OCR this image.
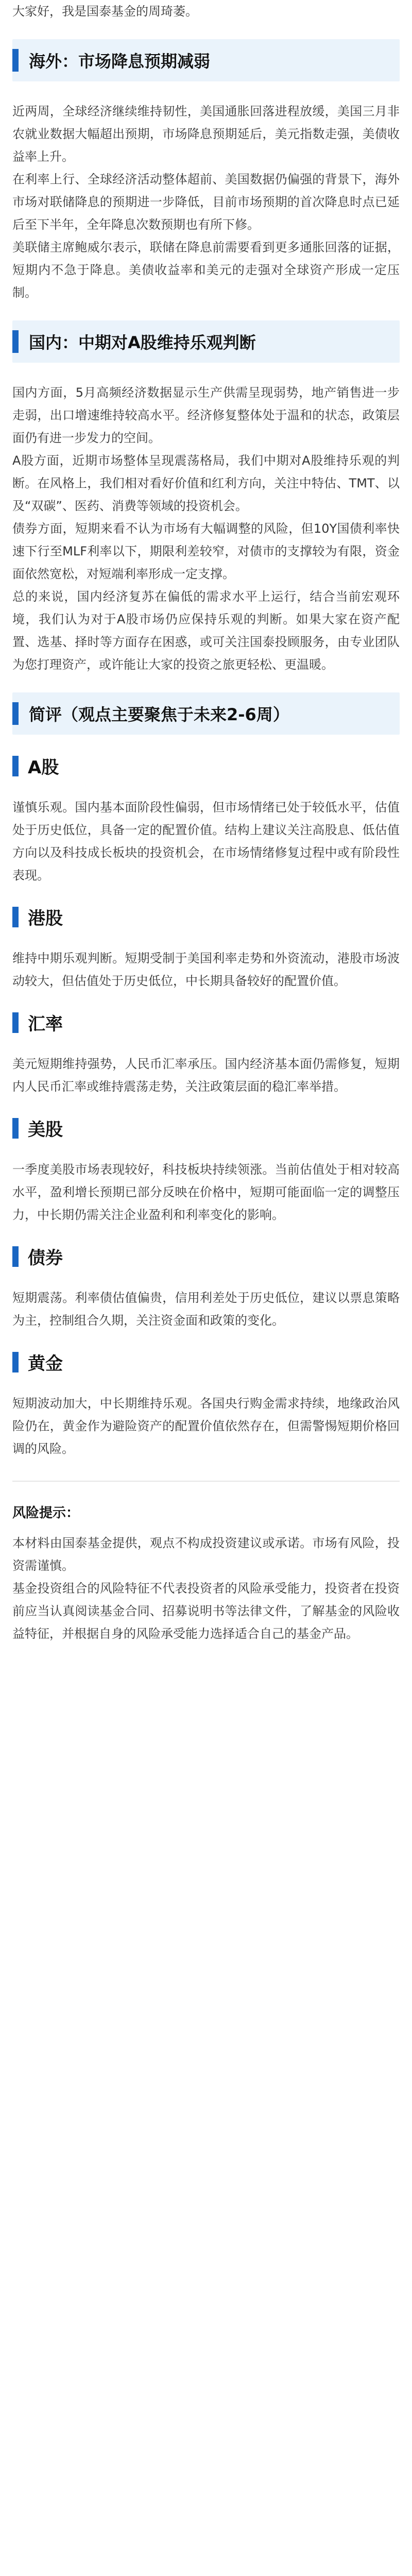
大家好，我是国泰基金的周琦萎。

海外：市场降息预期减弱

近两周，全球经济继续维持韧性，美国通胀回落进程放缓，美国三月非农就业数据大幅超出预期，市场降息预期延后，美元指数走强，美债收益率上升。

在利率上行、全球经济活动整体超前、美国数据仍偏强的背景下，海外市场对联储降息的预期进一步降低，目前市场预期的首次降息时点已延后至下半年，全年降息次数预期也有所下修。

美联储主席鲍威尔表示，联储在降息前需要看到更多通胀回落的证据，短期内不急于降息。美债收益率和美元的走强对全球资产形成一定压制。

国内：中期对A股维持乐观判断

国内方面，5月高频经济数据显示生产供需呈现弱势，地产销售进一步走弱，出口增速维持较高水平。经济修复整体处于温和的状态，政策层面仍有进一步发力的空间。

A股方面，近期市场整体呈现震荡格局，我们中期对A股维持乐观的判断。在风格上，我们相对看好价值和红利方向，关注中特估、TMT、以及“双碳”、医药、消费等领域的投资机会。

债券方面，短期来看不认为市场有大幅调整的风险，但10Y国债利率快速下行至MLF利率以下，期限利差较窄，对债市的支撑较为有限，资金面依然宽松，对短端利率形成一定支撑。

总的来说，国内经济复苏在偏低的需求水平上运行，结合当前宏观环境，我们认为对于A股市场仍应保持乐观的判断。如果大家在资产配置、选基、择时等方面存在困惑，或可关注国泰投顾服务，由专业团队为您打理资产，或许能让大家的投资之旅更轻松、更温暖。

简评（观点主要聚焦于未来2-6周）
A股

谨慎乐观。国内基本面阶段性偏弱，但市场情绪已处于较低水平，估值处于历史低位，具备一定的配置价值。结构上建议关注高股息、低估值方向以及科技成长板块的投资机会，在市场情绪修复过程中或有阶段性表现。

港股

维持中期乐观判断。短期受制于美国利率走势和外资流动，港股市场波动较大，但估值处于历史低位，中长期具备较好的配置价值。

汇率

美元短期维持强势，人民币汇率承压。国内经济基本面仍需修复，短期内人民币汇率或维持震荡走势，关注政策层面的稳汇率举措。

美股

一季度美股市场表现较好，科技板块持续领涨。当前估值处于相对较高水平，盈利增长预期已部分反映在价格中，短期可能面临一定的调整压力，中长期仍需关注企业盈利和利率变化的影响。

债券

短期震荡。利率债估值偏贵，信用利差处于历史低位，建议以票息策略为主，控制组合久期，关注资金面和政策的变化。

黄金

短期波动加大，中长期维持乐观。各国央行购金需求持续，地缘政治风险仍在，黄金作为避险资产的配置价值依然存在，但需警惕短期价格回调的风险。

风险提示：

本材料由国泰基金提供，观点不构成投资建议或承诺。市场有风险，投资需谨慎。

基金投资组合的风险特征不代表投资者的风险承受能力，投资者在投资前应当认真阅读基金合同、招募说明书等法律文件，了解基金的风险收益特征，并根据自身的风险承受能力选择适合自己的基金产品。
